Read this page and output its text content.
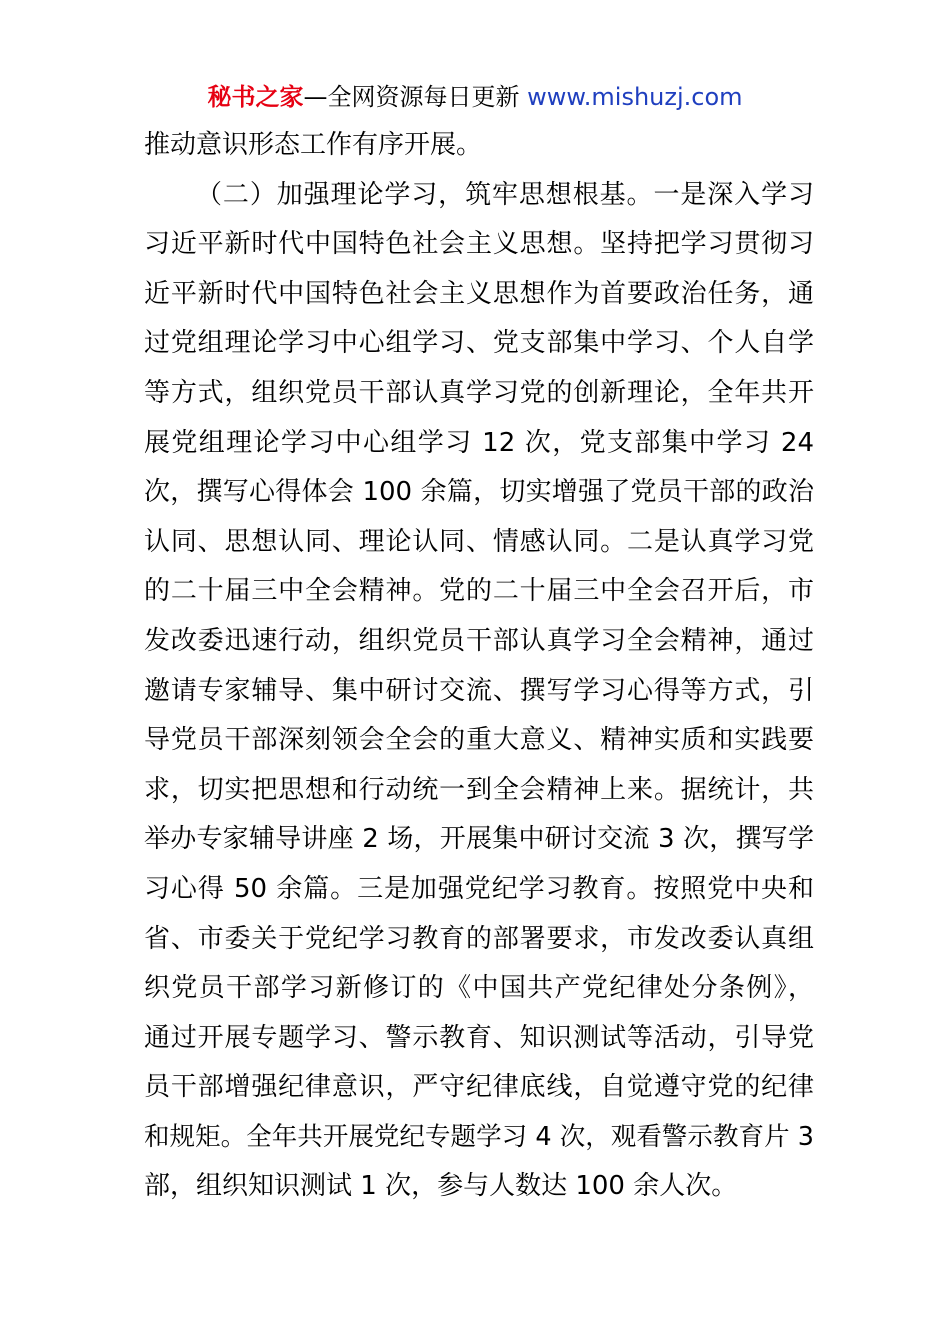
秘书之家—全网资源每日更新 www.mishuzj.com
推动意识形态工作有序开展。
（二）加强理论学习，筑牢思想根基。一是深入学习
习近平新时代中国特色社会主义思想。坚持把学习贯彻习
近平新时代中国特色社会主义思想作为首要政治任务，通
过党组理论学习中心组学习、党支部集中学习、个人自学
等方式，组织党员干部认真学习党的创新理论，全年共开
展党组理论学习中心组学习 12 次，党支部集中学习 24
次，撰写心得体会 100 余篇，切实增强了党员干部的政治
认同、思想认同、理论认同、情感认同。二是认真学习党
的二十届三中全会精神。党的二十届三中全会召开后，市
发改委迅速行动，组织党员干部认真学习全会精神，通过
邀请专家辅导、集中研讨交流、撰写学习心得等方式，引
导党员干部深刻领会全会的重大意义、精神实质和实践要
求，切实把思想和行动统一到全会精神上来。据统计，共
举办专家辅导讲座 2 场，开展集中研讨交流 3 次，撰写学
习心得 50 余篇。三是加强党纪学习教育。按照党中央和
省、市委关于党纪学习教育的部署要求，市发改委认真组
织党员干部学习新修订的《中国共产党纪律处分条例》，
通过开展专题学习、警示教育、知识测试等活动，引导党
员干部增强纪律意识，严守纪律底线，自觉遵守党的纪律
和规矩。全年共开展党纪专题学习 4 次，观看警示教育片 3
部，组织知识测试 1 次，参与人数达 100 余人次。
